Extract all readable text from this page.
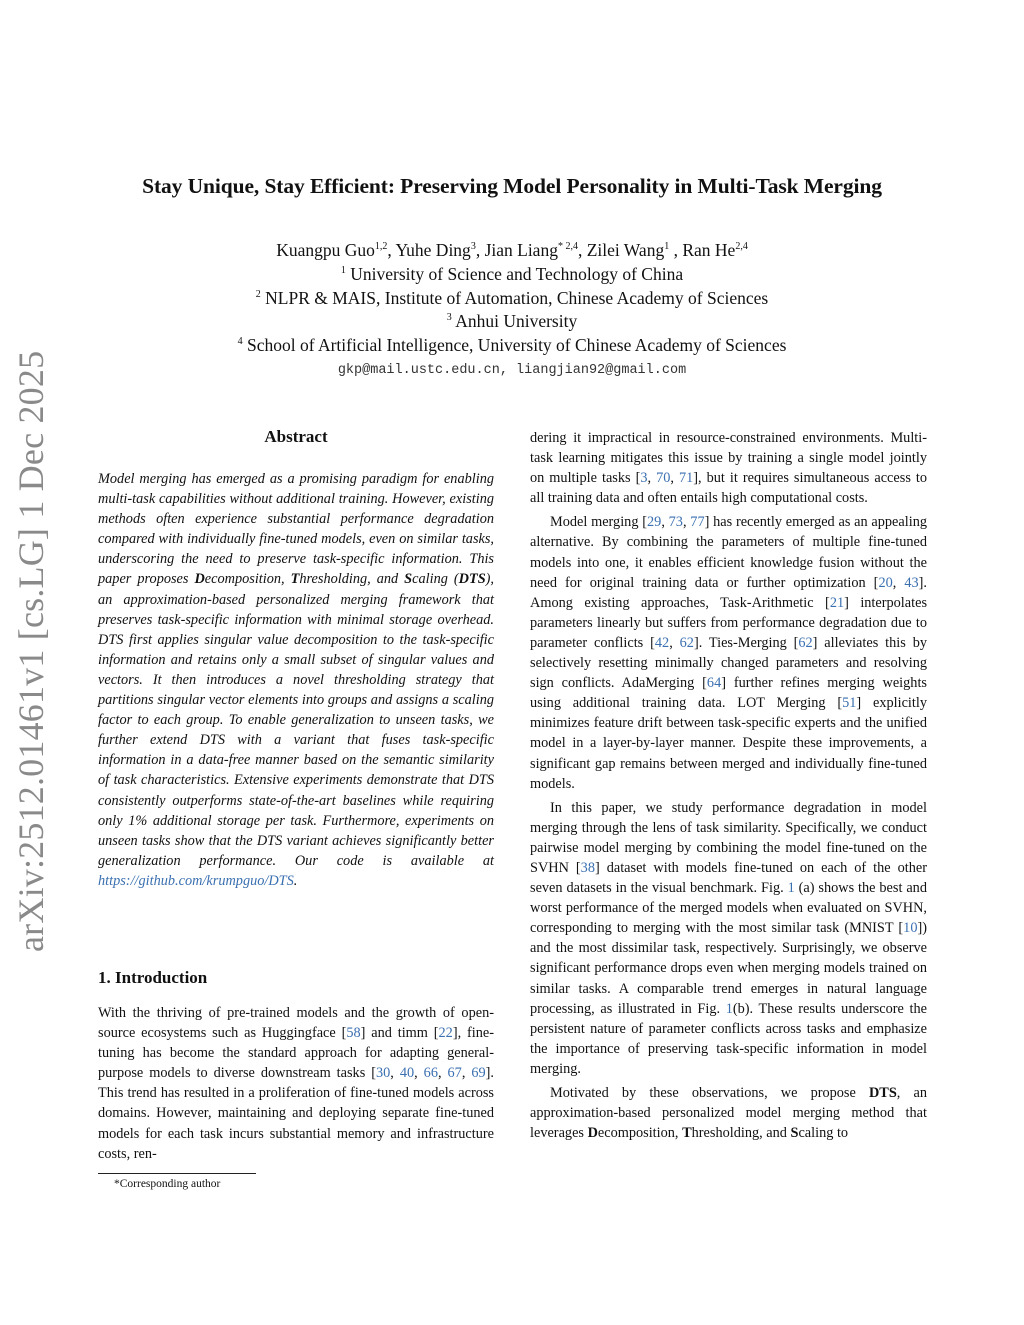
Stay Unique, Stay Efficient: Preserving Model Personality in Multi-Task Merging
Kuangpu Guo$^{1,2}$, Yuhe Ding$^3$, Jian Liang$^{* 2,4}$, Zilei Wang$^1$ , Ran He$^{2,4}$
$^1$ University of Science and Technology of China
$^2$ NLPR & MAIS, Institute of Automation, Chinese Academy of Sciences
$^3$ Anhui University
$^4$ School of Artificial Intelligence, University of Chinese Academy of Sciences
gkp@mail.ustc.edu.cn, liangjian92@gmail.com
arXiv:2512.01461v1 [cs.LG] 1 Dec 2025	Abstract

Model merging has emerged as a promising paradigm for enabling multi-task capabilities without additional training. However, existing methods often experience substantial performance degradation compared with individually fine-tuned models, even on similar tasks, underscoring the need to preserve task-specific information. This paper proposes Decomposition, Thresholding, and Scaling (DTS), an approximation-based personalized merging framework that preserves task-specific information with minimal storage overhead. DTS first applies singular value decomposition to the task-specific information and retains only a small subset of singular values and vectors. It then introduces a novel thresholding strategy that partitions singular vector elements into groups and assigns a scaling factor to each group. To enable generalization to unseen tasks, we further extend DTS with a variant that fuses task-specific information in a data-free manner based on the semantic similarity of task characteristics. Extensive experiments demonstrate that DTS consistently outperforms state-of-the-art baselines while requiring only 1% additional storage per task. Furthermore, experiments on unseen tasks show that the DTS variant achieves significantly better generalization performance. Our code is available at https://github.com/krumpguo/DTS.

1. Introduction

With the thriving of pre-trained models and the growth of open-source ecosystems such as Huggingface [58] and timm [22], fine-tuning has become the standard approach for adapting general-purpose models to diverse downstream tasks [30, 40, 66, 67, 69]. This trend has resulted in a proliferation of fine-tuned models across domains. However, maintaining and deploying separate fine-tuned models for each task incurs substantial memory and infrastructure costs, ren-

*Corresponding author

dering it impractical in resource-constrained environments. Multi-task learning mitigates this issue by training a single model jointly on multiple tasks [3, 70, 71], but it requires simultaneous access to all training data and often entails high computational costs.

Model merging [29, 73, 77] has recently emerged as an appealing alternative. By combining the parameters of multiple fine-tuned models into one, it enables efficient knowledge fusion without the need for original training data or further optimization [20, 43]. Among existing approaches, Task-Arithmetic [21] interpolates parameters linearly but suffers from performance degradation due to parameter conflicts [42, 62]. Ties-Merging [62] alleviates this by selectively resetting minimally changed parameters and resolving sign conflicts. AdaMerging [64] further refines merging weights using additional training data. LOT Merging [51] explicitly minimizes feature drift between task-specific experts and the unified model in a layer-by-layer manner. Despite these improvements, a significant gap remains between merged and individually fine-tuned models.

In this paper, we study performance degradation in model merging through the lens of task similarity. Specifically, we conduct pairwise model merging by combining the model fine-tuned on the SVHN [38] dataset with models fine-tuned on each of the other seven datasets in the visual benchmark. Fig. 1 (a) shows the best and worst performance of the merged models when evaluated on SVHN, corresponding to merging with the most similar task (MNIST [10]) and the most dissimilar task, respectively. Surprisingly, we observe significant performance drops even when merging models trained on similar tasks. A comparable trend emerges in natural language processing, as illustrated in Fig. 1(b). These results underscore the persistent nature of parameter conflicts across tasks and emphasize the importance of preserving task-specific information in model merging.

Motivated by these observations, we propose DTS, an approximation-based personalized model merging method that leverages Decomposition, Thresholding, and Scaling to
